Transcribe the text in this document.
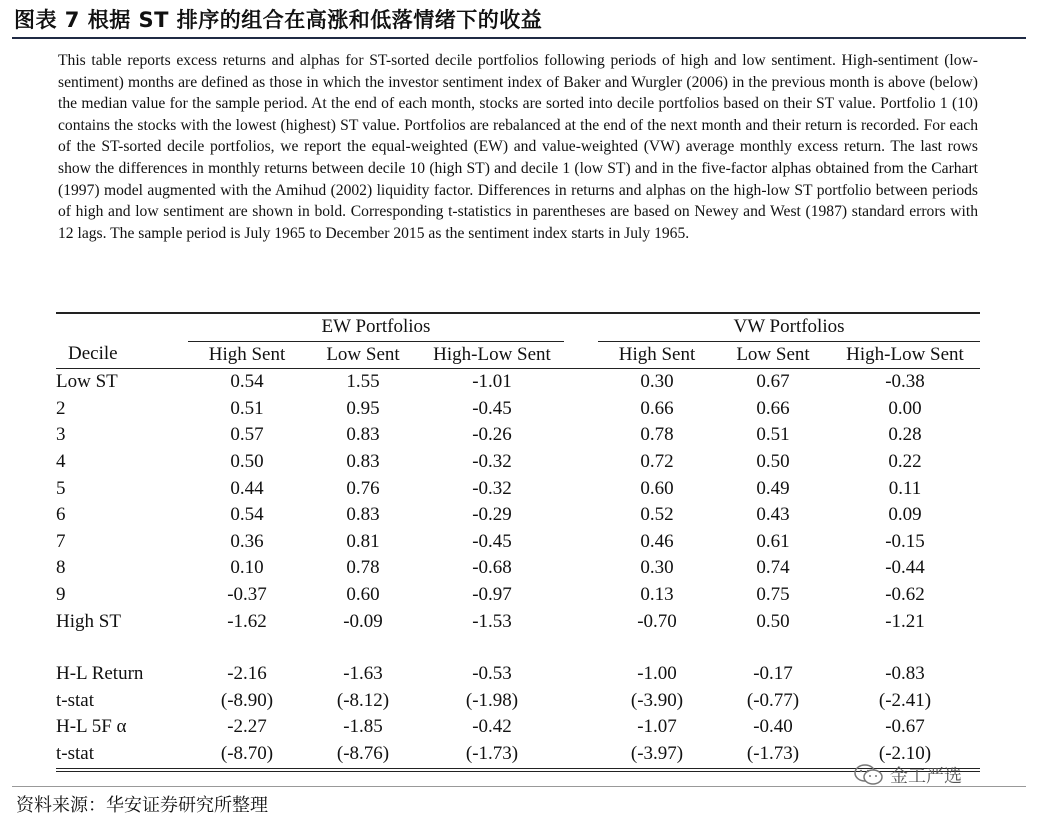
图表 7 根据 ST 排序的组合在高涨和低落情绪下的收益
This table reports excess returns and alphas for ST-sorted decile portfolios following periods of high and low sentiment. High-sentiment (low-sentiment) months are defined as those in which the investor sentiment index of Baker and Wurgler (2006) in the previous month is above (below) the median value for the sample period. At the end of each month, stocks are sorted into decile portfolios based on their ST value. Portfolio 1 (10) contains the stocks with the lowest (highest) ST value. Portfolios are rebalanced at the end of the next month and their return is recorded. For each of the ST-sorted decile portfolios, we report the equal-weighted (EW) and value-weighted (VW) average monthly excess return. The last rows show the differences in monthly returns between decile 10 (high ST) and decile 1 (low ST) and in the five-factor alphas obtained from the Carhart (1997) model augmented with the Amihud (2002) liquidity factor. Differences in returns and alphas on the high-low ST portfolio between periods of high and low sentiment are shown in bold. Corresponding t-statistics in parentheses are based on Newey and West (1987) standard errors with 12 lags. The sample period is July 1965 to December 2015 as the sentiment index starts in July 1965.

	EW Portfolios				VW Portfolios		
Decile	High Sent	Low Sent	High-Low Sent		High Sent	Low Sent	High-Low Sent

Low ST	0.54	1.55	-1.01		0.30	0.67	-0.38
2	0.51	0.95	-0.45		0.66	0.66	0.00
3	0.57	0.83	-0.26		0.78	0.51	0.28
4	0.50	0.83	-0.32		0.72	0.50	0.22
5	0.44	0.76	-0.32		0.60	0.49	0.11
6	0.54	0.83	-0.29		0.52	0.43	0.09
7	0.36	0.81	-0.45		0.46	0.61	-0.15
8	0.10	0.78	-0.68		0.30	0.74	-0.44
9	-0.37	0.60	-0.97		0.13	0.75	-0.62
High ST	-1.62	-0.09	-1.53		-0.70	0.50	-1.21

H-L Return	-2.16	-1.63	-0.53		-1.00	-0.17	-0.83
t-stat	(-8.90)	(-8.12)	(-1.98)		(-3.90)	(-0.77)	(-2.41)
H-L 5F α	-2.27	-1.85	-0.42		-1.07	-0.40	-0.67
t-stat	(-8.70)	(-8.76)	(-1.73)		(-3.97)	(-1.73)	(-2.10)

金工严选
资料来源：华安证券研究所整理
